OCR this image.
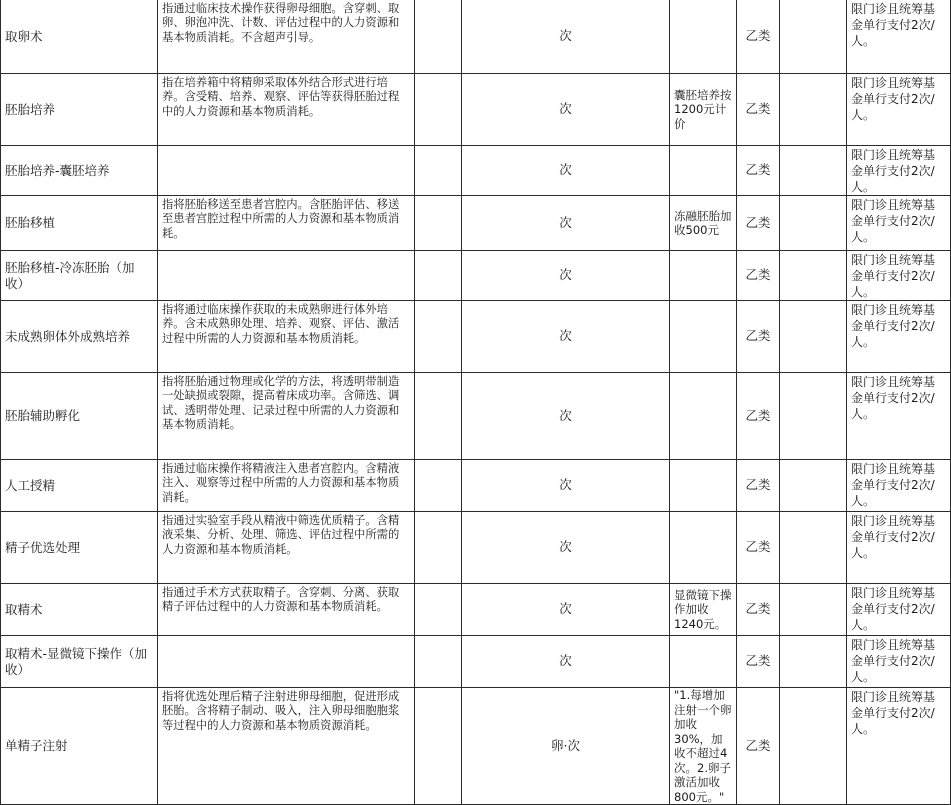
取卵术	指通过临床技术操作获得卵母细胞。含穿刺、取卵、卵泡冲洗、计数、评估过程中的人力资源和基本物质消耗。不含超声引导。		次		乙类		限门诊且统筹基金单行支付2次/人。
胚胎培养	指在培养箱中将精卵采取体外结合形式进行培养。含受精、培养、观察、评估等获得胚胎过程中的人力资源和基本物质消耗。		次	囊胚培养按1200元计价	乙类		限门诊且统筹基金单行支付2次/人。
胚胎培养-囊胚培养			次		乙类		限门诊且统筹基金单行支付2次/人。
胚胎移植	指将胚胎移送至患者宫腔内。含胚胎评估、移送至患者宫腔过程中所需的人力资源和基本物质消耗。		次	冻融胚胎加收500元	乙类		限门诊且统筹基金单行支付2次/人。
胚胎移植-冷冻胚胎（加收）			次		乙类		限门诊且统筹基金单行支付2次/人。
未成熟卵体外成熟培养	指将通过临床操作获取的未成熟卵进行体外培养。含未成熟卵处理、培养、观察、评估、激活过程中所需的人力资源和基本物质消耗。		次		乙类		限门诊且统筹基金单行支付2次/人。
胚胎辅助孵化	指将胚胎通过物理或化学的方法，将透明带制造一处缺损或裂隙，提高着床成功率。含筛选、调试、透明带处理、记录过程中所需的人力资源和基本物质消耗。		次		乙类		限门诊且统筹基金单行支付2次/人。
人工授精	指通过临床操作将精液注入患者宫腔内。含精液注入、观察等过程中所需的人力资源和基本物质消耗。		次		乙类		限门诊且统筹基金单行支付2次/人。
精子优选处理	指通过实验室手段从精液中筛选优质精子。含精液采集、分析、处理、筛选、评估过程中所需的人力资源和基本物质消耗。		次		乙类		限门诊且统筹基金单行支付2次/人。
取精术	指通过手术方式获取精子。含穿刺、分离、获取精子评估过程中的人力资源和基本物质消耗。		次	显微镜下操作加收1240元。	乙类		限门诊且统筹基金单行支付2次/人。
取精术-显微镜下操作（加收）			次		乙类		限门诊且统筹基金单行支付2次/人。
单精子注射	指将优选处理后精子注射进卵母细胞，促进形成胚胎。含将精子制动、吸入，注入卵母细胞胞浆等过程中的人力资源和基本物质资源消耗。		卵·次	"1.每增加注射一个卵加收30%，加收不超过4次。2.卵子激活加收800元。"	乙类		限门诊且统筹基金单行支付2次/人。
